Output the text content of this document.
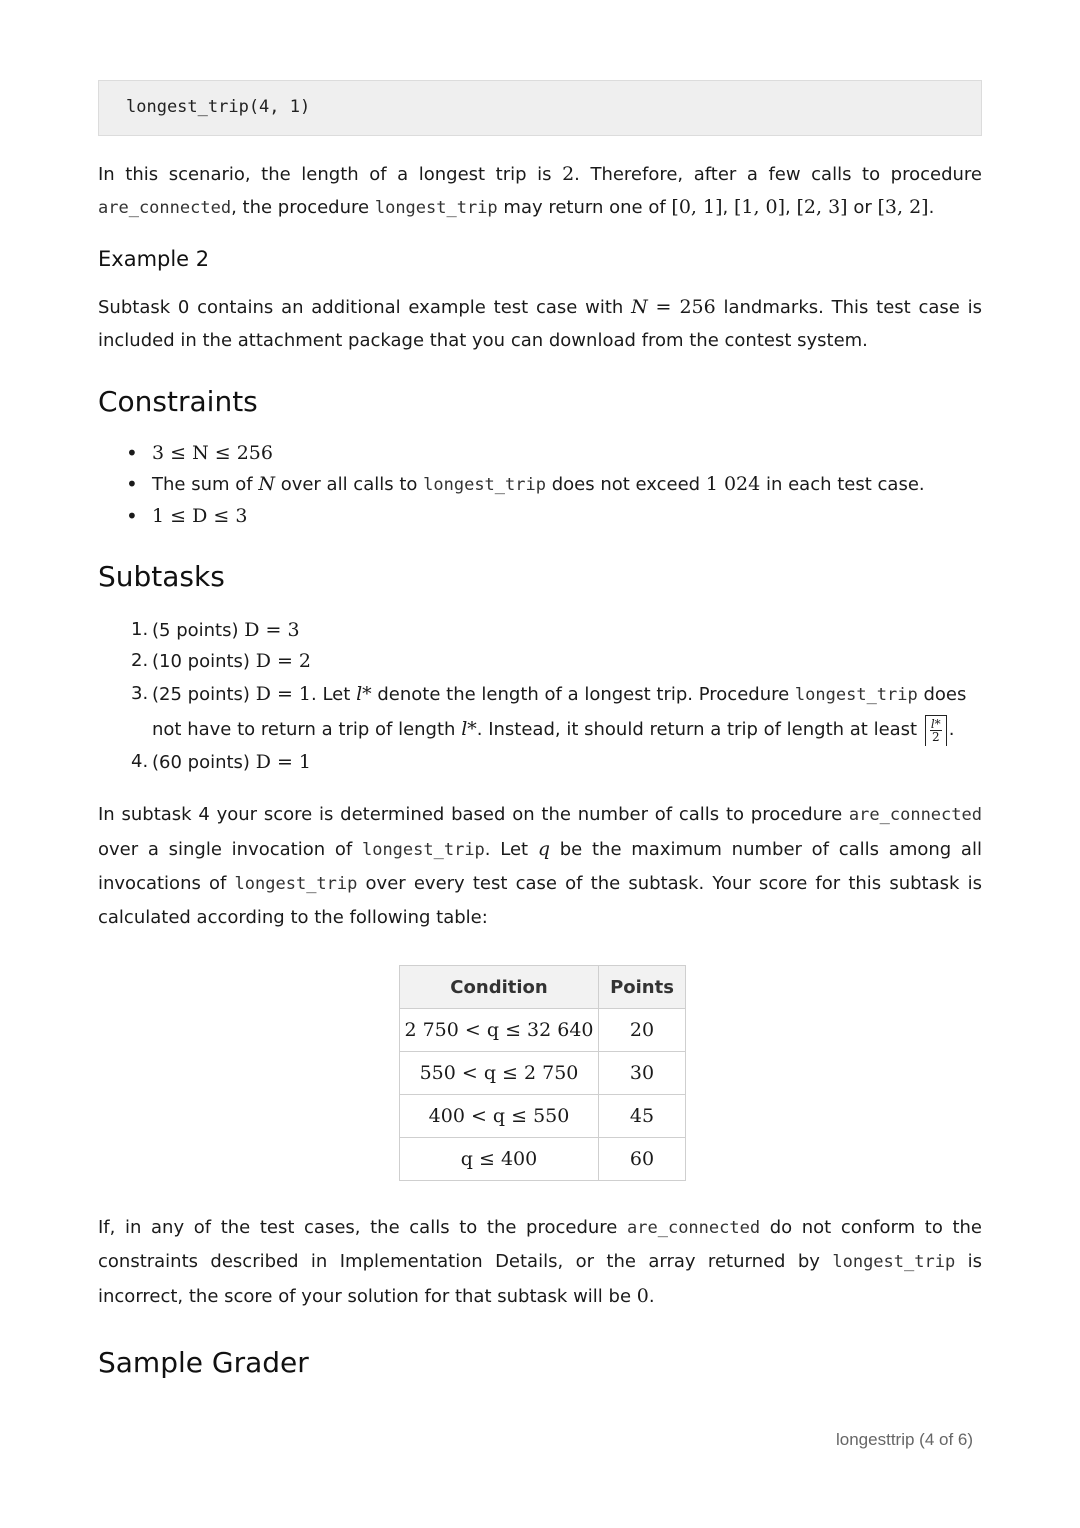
longest_trip(4, 1)

In this scenario, the length of a longest trip is 2. Therefore, after a few calls to procedure are_connected, the procedure longest_trip may return one of [0, 1], [1, 0], [2, 3] or [3, 2].

Example 2

Subtask 0 contains an additional example test case with N = 256 landmarks. This test case is included in the attachment package that you can download from the contest system.

Constraints
• 3 ≤ N ≤ 256
• The sum of N over all calls to longest_trip does not exceed 1 024 in each test case.
• 1 ≤ D ≤ 3
Subtasks
1. (5 points) D = 3
2. (10 points) D = 2
3. (25 points) D = 1. Let l* denote the length of a longest trip. Procedure longest_trip does not have to return a trip of length l*. Instead, it should return a trip of length at least $\frac{l*}{2}$ .
4. (60 points) D = 1

In subtask 4 your score is determined based on the number of calls to procedure are_connected over a single invocation of longest_trip. Let q be the maximum number of calls among all invocations of longest_trip over every test case of the subtask. Your score for this subtask is calculated according to the following table:

Condition	Points
2 750 < q ≤ 32 640	20
550 < q ≤ 2 750	30
400 < q ≤ 550	45
q ≤ 400	60

If, in any of the test cases, the calls to the procedure are_connected do not conform to the constraints described in Implementation Details, or the array returned by longest_trip is incorrect, the score of your solution for that subtask will be 0.

Sample Grader
longesttrip (4 of 6)
